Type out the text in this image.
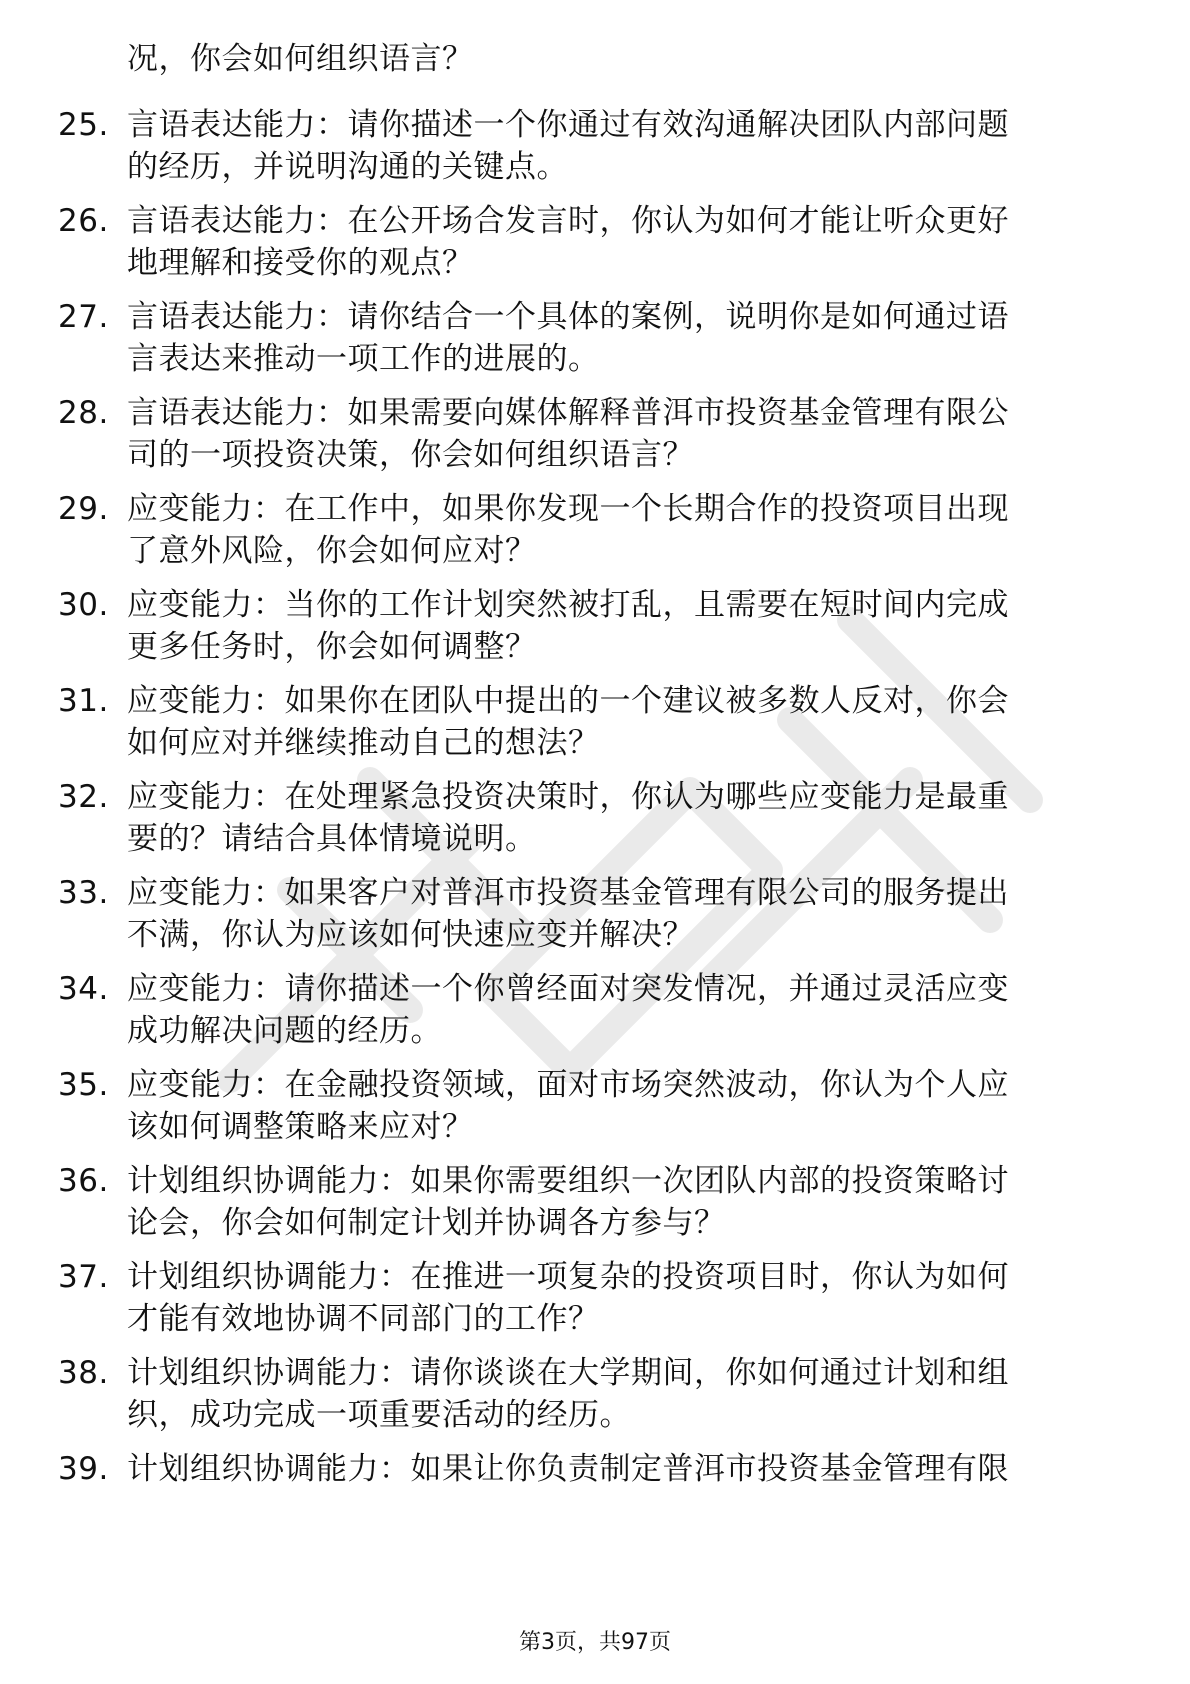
况，你会如何组织语言？
25. 言语表达能力：请你描述一个你通过有效沟通解决团队内部问题
的经历，并说明沟通的关键点。
26. 言语表达能力：在公开场合发言时，你认为如何才能让听众更好
地理解和接受你的观点？
27. 言语表达能力：请你结合一个具体的案例，说明你是如何通过语
言表达来推动一项工作的进展的。
28. 言语表达能力：如果需要向媒体解释普洱市投资基金管理有限公
司的一项投资决策，你会如何组织语言？
29. 应变能力：在工作中，如果你发现一个长期合作的投资项目出现
了意外风险，你会如何应对？
30. 应变能力：当你的工作计划突然被打乱，且需要在短时间内完成
更多任务时，你会如何调整？
31. 应变能力：如果你在团队中提出的一个建议被多数人反对，你会
如何应对并继续推动自己的想法？
32. 应变能力：在处理紧急投资决策时，你认为哪些应变能力是最重
要的？请结合具体情境说明。
33. 应变能力：如果客户对普洱市投资基金管理有限公司的服务提出
不满，你认为应该如何快速应变并解决？
34. 应变能力：请你描述一个你曾经面对突发情况，并通过灵活应变
成功解决问题的经历。
35. 应变能力：在金融投资领域，面对市场突然波动，你认为个人应
该如何调整策略来应对？
36. 计划组织协调能力：如果你需要组织一次团队内部的投资策略讨
论会，你会如何制定计划并协调各方参与？
37. 计划组织协调能力：在推进一项复杂的投资项目时，你认为如何
才能有效地协调不同部门的工作？
38. 计划组织协调能力：请你谈谈在大学期间，你如何通过计划和组
织，成功完成一项重要活动的经历。
39. 计划组织协调能力：如果让你负责制定普洱市投资基金管理有限
第3页，共97页
